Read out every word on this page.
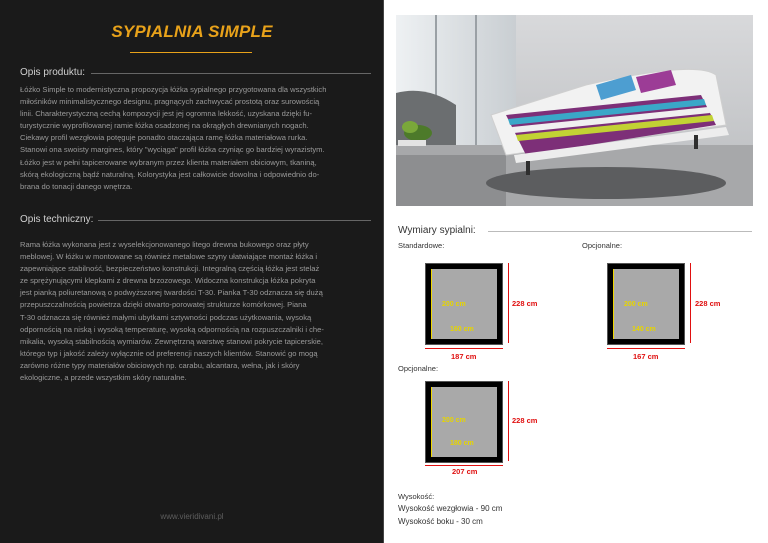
SYPIALNIA SIMPLE
Opis produktu:
Łóżko Simple to modernistyczna propozycja łóżka sypialnego przygotowana dla wszystkich
miłośników minimalistycznego designu, pragnących zachwycać prostotą oraz surowością
linii. Charakterystyczną cechą kompozycji jest jej ogromna lekkość, uzyskana dzięki fu-
turystycznie wyprofilowanej ramie łóżka osadzonej na okrągłych drewnianych nogach.
Ciekawy profil wezgłowia potęguje ponadto otaczająca ramę łóżka materiałowa rurka.
Stanowi ona swoisty margines, który "wyciąga" profil łóżka czyniąc go bardziej wyrazistym.
Łóżko jest w pełni tapicerowane wybranym przez klienta materiałem obiciowym, tkaniną,
skórą ekologiczną bądź naturalną. Kolorystyka jest całkowicie dowolna i odpowiednio do-
brana do tonacji danego wnętrza.
Opis techniczny:
Rama łóżka wykonana jest z wyselekcjonowanego litego drewna bukowego oraz płyty
meblowej. W łóżku w montowane są również metalowe szyny ułatwiające montaż łóżka i
zapewniające stabilność, bezpieczeństwo konstrukcji. Integralną częścią łóżka jest stelaż
ze sprężynującymi klepkami z drewna brzozowego. Widoczna konstrukcja łóżka pokryta
jest pianką poliuretanową o podwyższonej twardości T-30. Pianka T-30 odznacza się dużą
przepuszczalnością powietrza dzięki otwarto-porowatej strukturze komórkowej. Piana
T-30 odznacza się również małymi ubytkami sztywności podczas użytkowania, wysoką
odpornością na niską i wysoką temperaturę, wysoką odpornością na rozpuszczalniki i che-
mikalia, wysoką stabilnością wymiarów. Zewnętrzną warstwę stanowi pokrycie tapicerskie,
którego typ i jakość zależy wyłącznie od preferencji naszych klientów. Stanowić go mogą
zarówno różne typy materiałów obiciowych np. carabu, alcantara, wełna, jak i skóry
ekologiczne, a przede wszystkim skóry naturalne.
www.vieridivani.pl
Wymiary sypialni:
Standardowe:	Opcjonalne:
Opcjonalne:
200 cm
160 cm
228 cm
187 cm
200 cm
140 cm
228 cm
167 cm
200 cm
180 cm
228 cm
207 cm
Wysokość:
Wysokość wezgłowia - 90 cm
Wysokość boku - 30 cm
